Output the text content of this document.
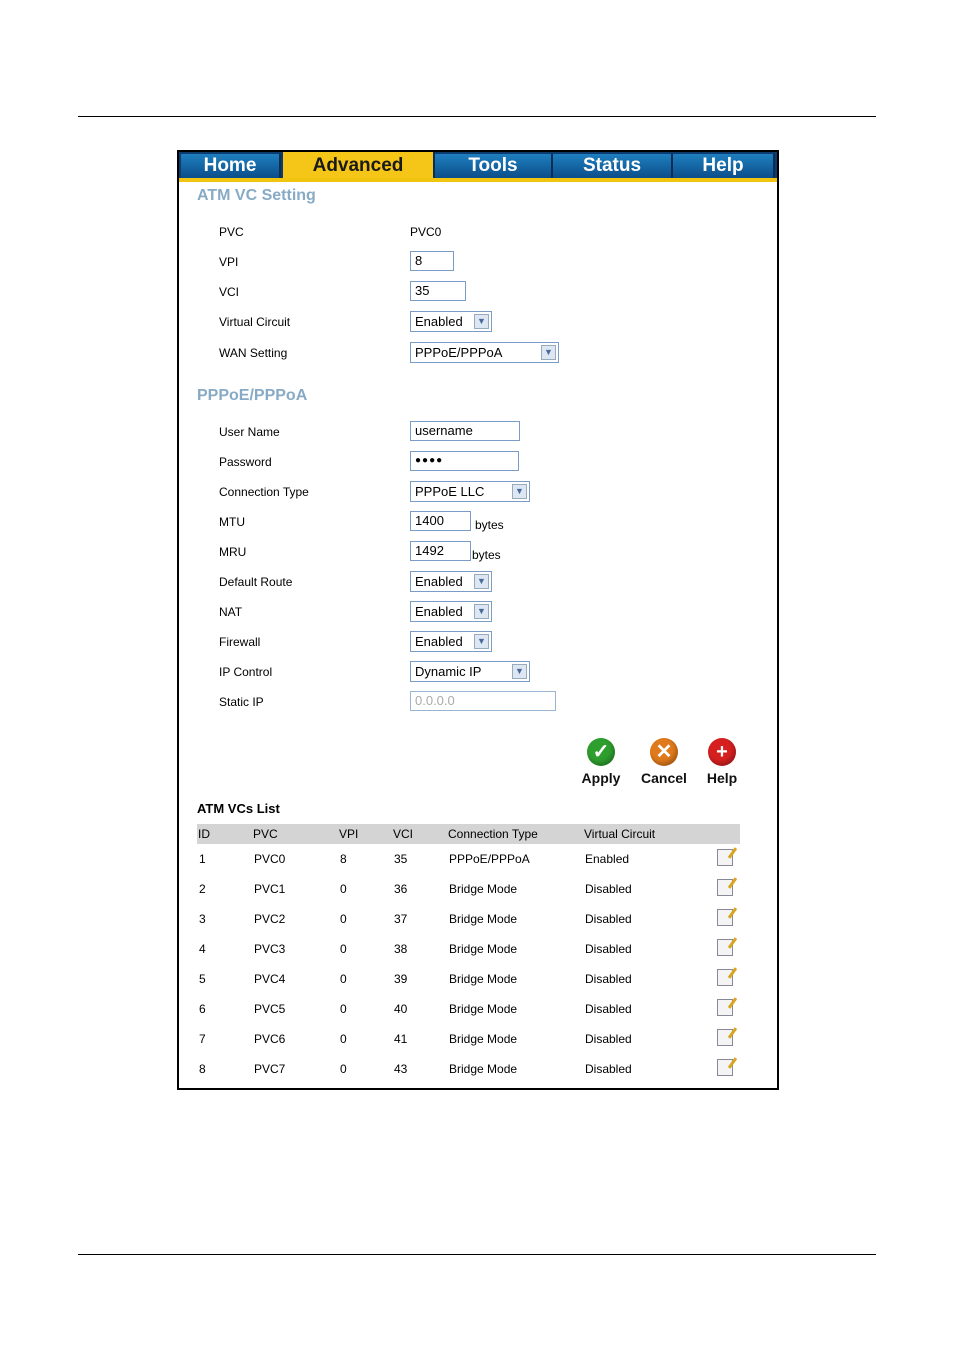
Home	Advanced	Tools	Status	Help
ATM VC Setting
PVC	PVC0
VPI	8
VCI	35
Virtual Circuit	Enabled	▼
WAN Setting	PPPoE/PPPoA	▼
PPPoE/PPPoA
User Name	username
Password	●●●●
Connection Type	PPPoE LLC	▼
MTU	1400	bytes
MRU	1492	bytes
Default Route	Enabled	▼
NAT	Enabled	▼
Firewall	Enabled	▼
IP Control	Dynamic IP	▼
Static IP	0.0.0.0
✓
Apply
✕
Cancel
+
Help
ATM VCs List
ID	PVC	VPI	VCI	Connection Type	Virtual Circuit	
1	PVC0	8	35	PPPoE/PPPoA	Enabled	
2	PVC1	0	36	Bridge Mode	Disabled	
3	PVC2	0	37	Bridge Mode	Disabled	
4	PVC3	0	38	Bridge Mode	Disabled	
5	PVC4	0	39	Bridge Mode	Disabled	
6	PVC5	0	40	Bridge Mode	Disabled	
7	PVC6	0	41	Bridge Mode	Disabled	
8	PVC7	0	43	Bridge Mode	Disabled	
